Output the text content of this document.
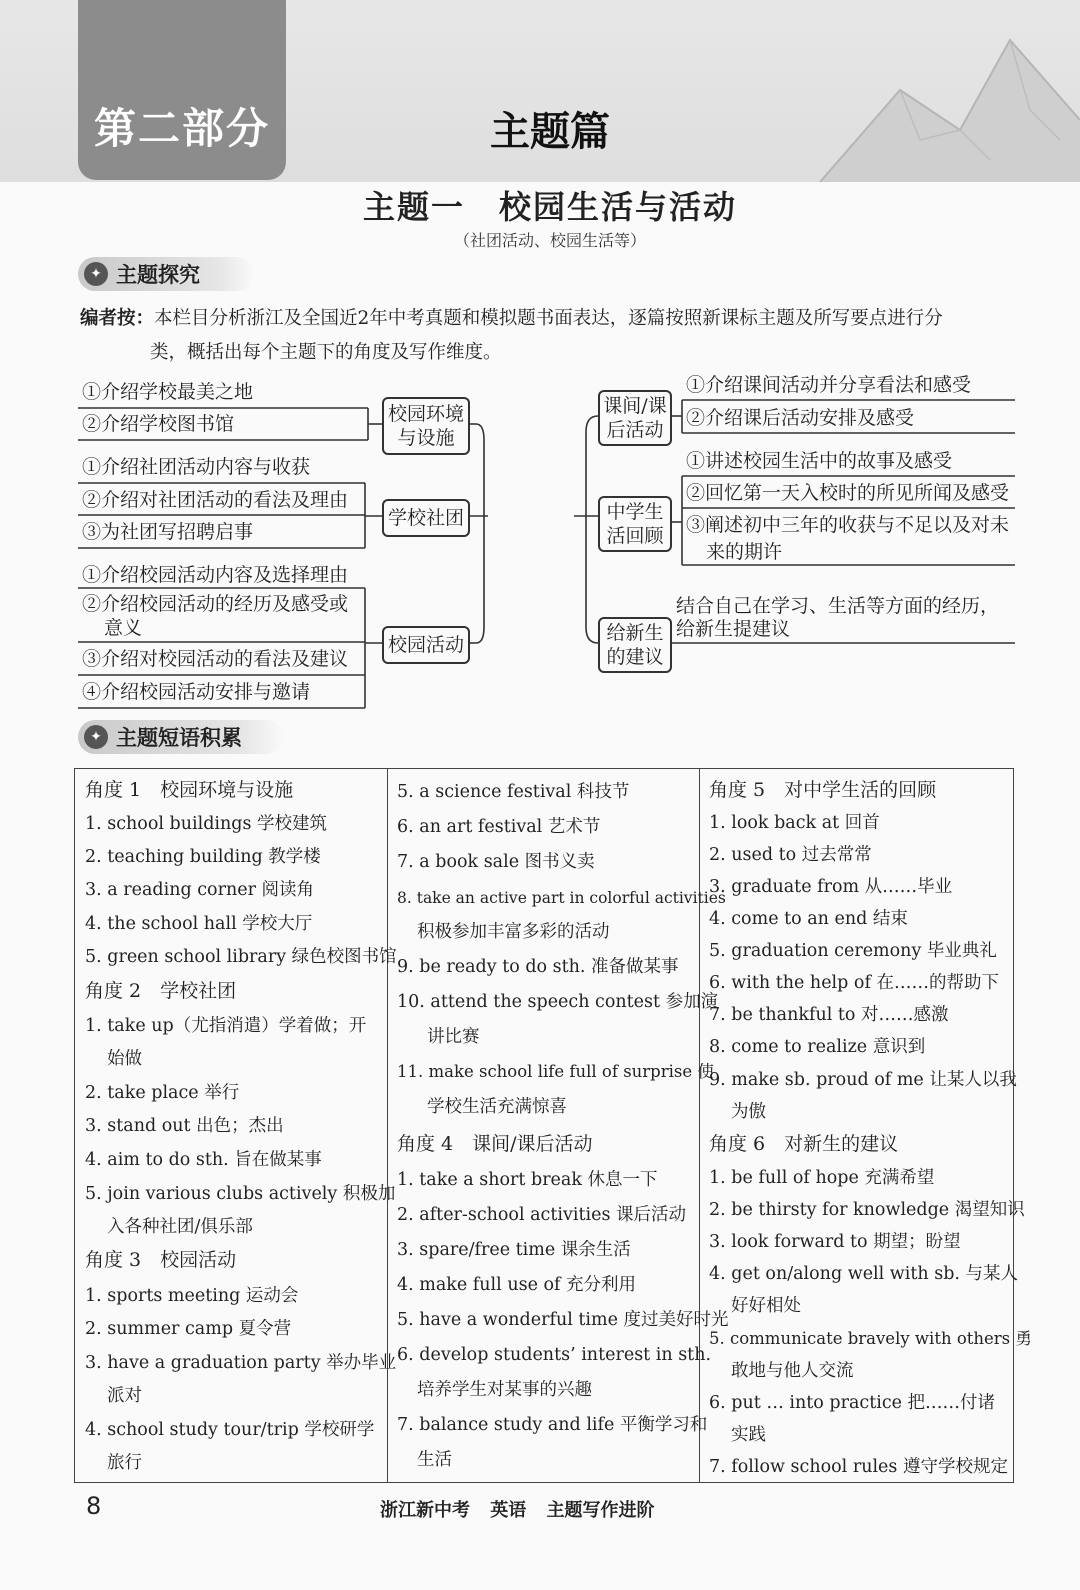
第二部分	主题篇
主题一　校园生活与活动
（社团活动、校园生活等）
✦ 主题探究
编者按：本栏目分析浙江及全国近2年中考真题和模拟题书面表达，逐篇按照新课标主题及所写要点进行分
类，概括出每个主题下的角度及写作维度。
校园环境与设施
学校社团
校园活动
课间/课后活动
中学生活回顾
给新生的建议
①介绍学校最美之地
②介绍学校图书馆
①介绍社团活动内容与收获
②介绍对社团活动的看法及理由
③为社团写招聘启事
①介绍校园活动内容及选择理由
②介绍校园活动的经历及感受或
意义
③介绍对校园活动的看法及建议
④介绍校园活动安排与邀请
①介绍课间活动并分享看法和感受
②介绍课后活动安排及感受
①讲述校园生活中的故事及感受
②回忆第一天入校时的所见所闻及感受
③阐述初中三年的收获与不足以及对未
来的期许
结合自己在学习、生活等方面的经历，
给新生提建议
✦ 主题短语积累
角度 1　校园环境与设施
1. school buildings 学校建筑
2. teaching building 教学楼
3. a reading corner 阅读角
4. the school hall 学校大厅
5. green school library 绿色校图书馆
角度 2　学校社团
1. take up（尤指消遣）学着做；开
始做
2. take place 举行
3. stand out 出色；杰出
4. aim to do sth. 旨在做某事
5. join various clubs actively 积极加
入各种社团/俱乐部
角度 3　校园活动
1. sports meeting 运动会
2. summer camp 夏令营
3. have a graduation party 举办毕业
派对
4. school study tour/trip 学校研学
旅行
5. a science festival 科技节
6. an art festival 艺术节
7. a book sale 图书义卖
8. take an active part in colorful activities
积极参加丰富多彩的活动
9. be ready to do sth. 准备做某事
10. attend the speech contest 参加演
讲比赛
11. make school life full of surprise 使
学校生活充满惊喜
角度 4　课间/课后活动
1. take a short break 休息一下
2. after-school activities 课后活动
3. spare/free time 课余生活
4. make full use of 充分利用
5. have a wonderful time 度过美好时光
6. develop students’ interest in sth.
培养学生对某事的兴趣
7. balance study and life 平衡学习和
生活
角度 5　对中学生活的回顾
1. look back at 回首
2. used to 过去常常
3. graduate from 从……毕业
4. come to an end 结束
5. graduation ceremony 毕业典礼
6. with the help of 在……的帮助下
7. be thankful to 对……感激
8. come to realize 意识到
9. make sb. proud of me 让某人以我
为傲
角度 6　对新生的建议
1. be full of hope 充满希望
2. be thirsty for knowledge 渴望知识
3. look forward to 期望；盼望
4. get on/along well with sb. 与某人
好好相处
5. communicate bravely with others 勇
敢地与他人交流
6. put … into practice 把……付诸
实践
7. follow school rules 遵守学校规定
8	浙江新中考 英语 主题写作进阶
